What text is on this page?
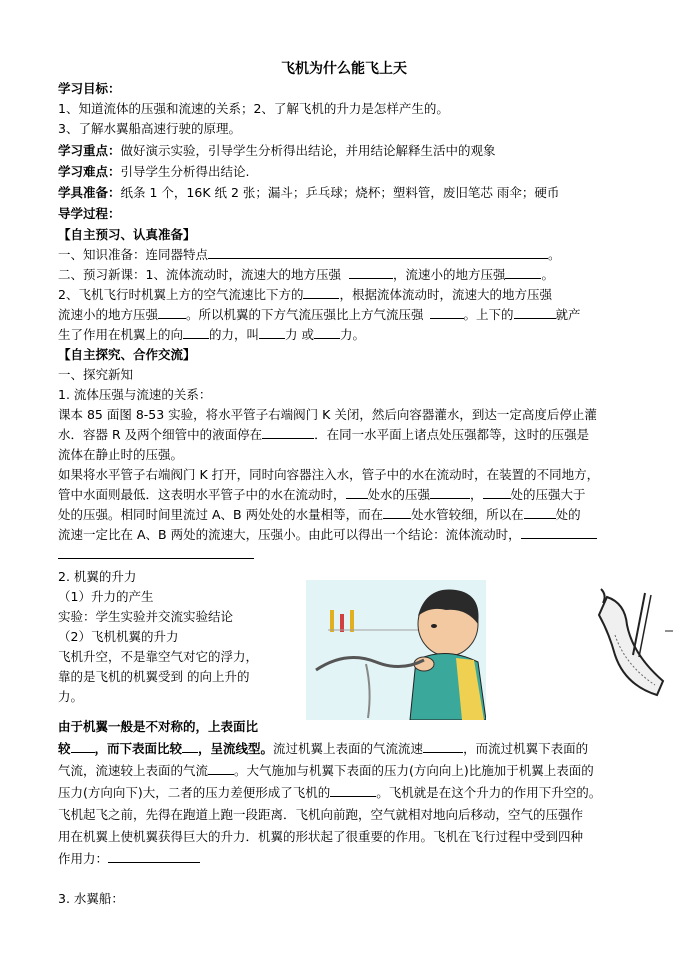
飞机为什么能飞上天
学习目标：
1、知道流体的压强和流速的关系；2、了解飞机的升力是怎样产生的。
3、了解水翼船高速行驶的原理。
学习重点：做好演示实验，引导学生分析得出结论，并用结论解释生活中的观象
学习难点：引导学生分析得出结论.
学具准备：纸条 1 个，16K 纸 2 张；漏斗；乒乓球；烧杯；塑料管，废旧笔芯 雨伞；硬币
导学过程：
【自主预习、认真准备】
一、知识准备：连同器特点	。
二、预习新课：1、流体流动时，流速大的地方压强	，流速小的地方压强	。
2、飞机飞行时机翼上方的空气流速比下方的	，根据流体流动时，流速大的地方压强
流速小的地方压强 。所以机翼的下方气流压强比上方气流压强	。上下的	就产
生了作用在机翼上的向 的力，叫 力 或 力。
【自主探究、合作交流】
一、探究新知
1. 流体压强与流速的关系：
课本 85 面图 8-53 实验，将水平管子右端阀门 K 关闭，然后向容器灌水，到达一定高度后停止灌
水．容器 R 及两个细管中的液面停在	．在同一水平面上诸点处压强都等，这时的压强是
流体在静止时的压强。
如果将水平管子右端阀门 K 打开，同时向容器注入水，管子中的水在流动时，在装置的不同地方，
管中水面则最低．这表明水平管子中的水在流动时， 处水的压强	， 处的压强大于
处的压强。相同时间里流过 A、B 两处处的水量相等，而在 处水管较细，所以在	处的
流速一定比在 A、B 两处的流速大，压强小。由此可以得出一个结论：流体流动时，
2. 机翼的升力
（1）升力的产生
实验：学生实验并交流实验结论
（2）飞机机翼的升力
飞机升空，不是靠空气对它的浮力，
靠的是飞机的机翼受到 的向上升的
力。
由于机翼一般是不对称的，上表面比
较 ，而下表面比较 ，呈流线型。流过机翼上表面的气流流速	，而流过机翼下表面的
气流，流速较上表面的气流 。大气施加与机翼下表面的压力(方向向上)比施加于机翼上表面的
压力(方向向下)大，二者的压力差便形成了飞机的	。飞机就是在这个升力的作用下升空的。
飞机起飞之前，先得在跑道上跑一段距离．飞机向前跑，空气就相对地向后移动，空气的压强作
用在机翼上使机翼获得巨大的升力．机翼的形状起了很重要的作用。飞机在飞行过程中受到四种
作用力：
3. 水翼船：
